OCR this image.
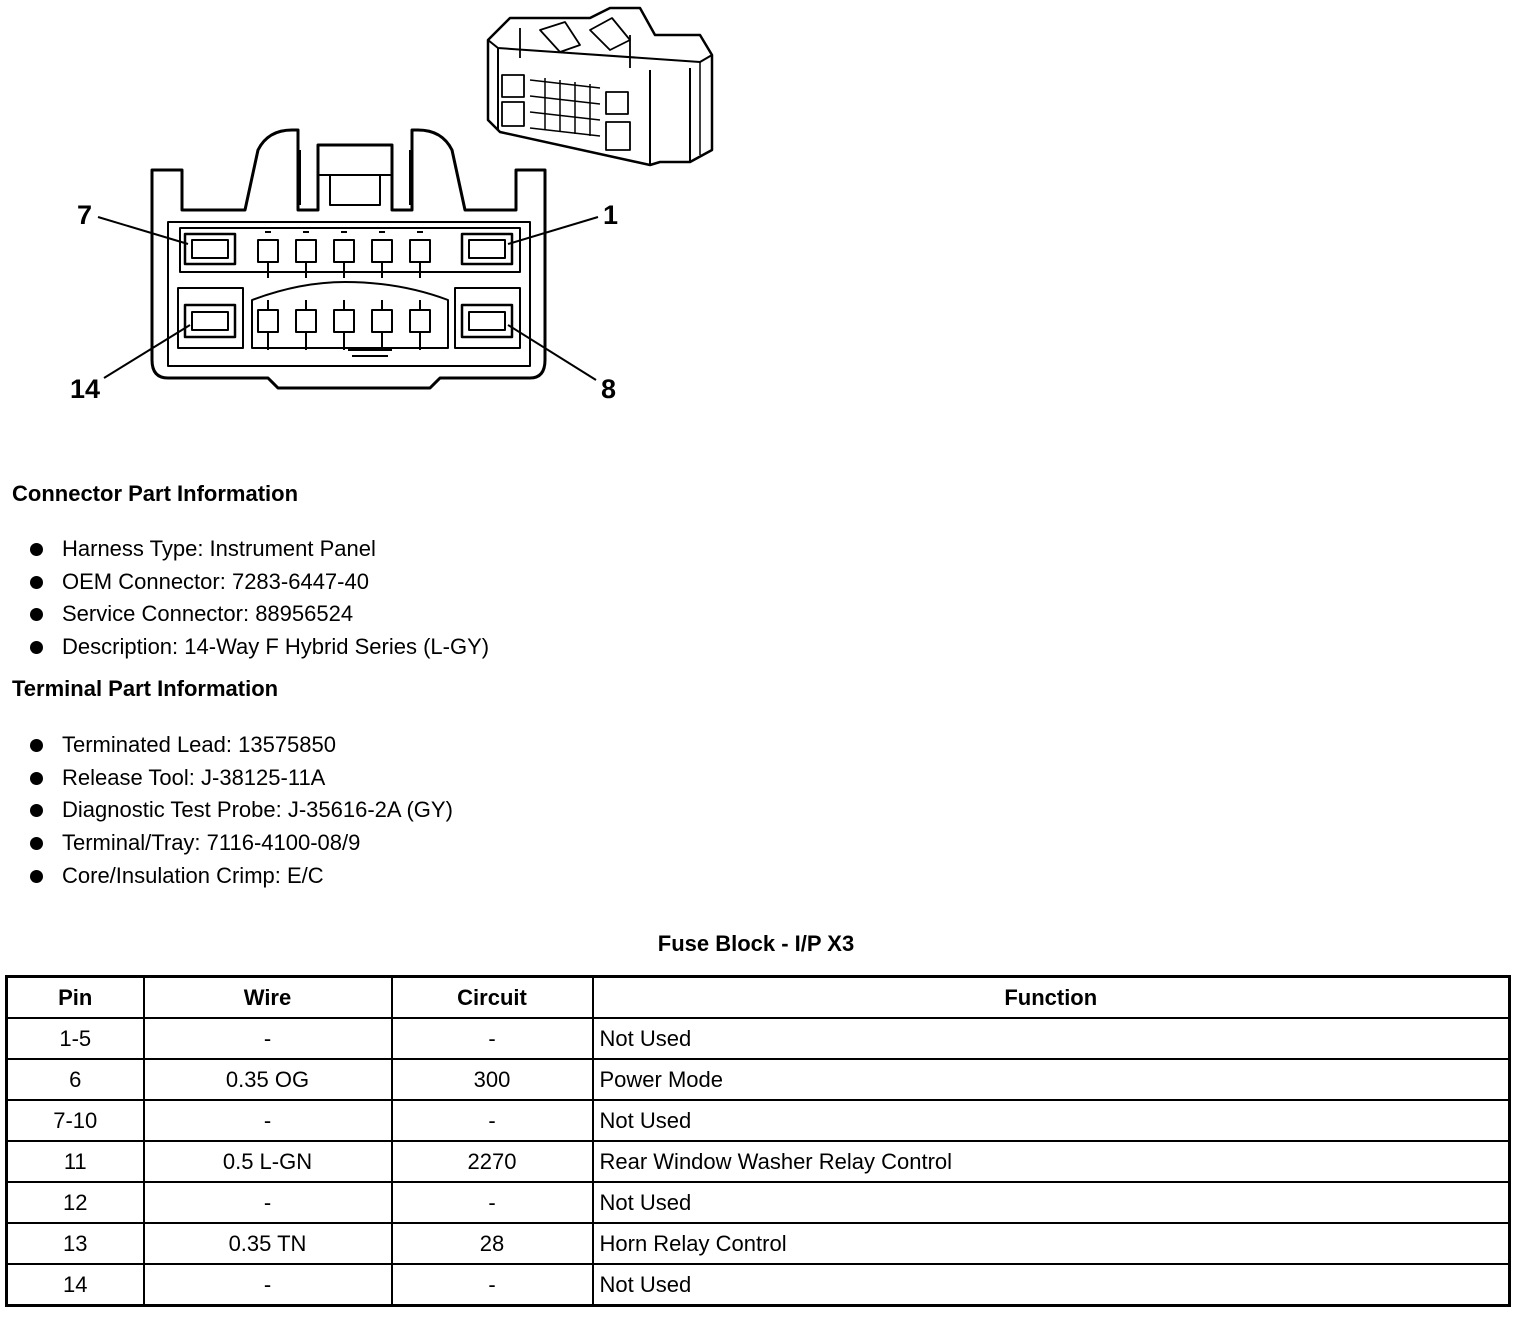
7	1
14	8
Connector Part Information
Harness Type: Instrument Panel
OEM Connector: 7283-6447-40
Service Connector: 88956524
Description: 14-Way F Hybrid Series (L-GY)
Terminal Part Information
Terminated Lead: 13575850
Release Tool: J-38125-11A
Diagnostic Test Probe: J-35616-2A (GY)
Terminal/Tray: 7116-4100-08/9
Core/Insulation Crimp: E/C
Fuse Block - I/P X3
Pin	Wire	Circuit	Function
1-5	-	-	Not Used
6	0.35 OG	300	Power Mode
7-10	-	-	Not Used
11	0.5 L-GN	2270	Rear Window Washer Relay Control
12	-	-	Not Used
13	0.35 TN	28	Horn Relay Control
14	-	-	Not Used
